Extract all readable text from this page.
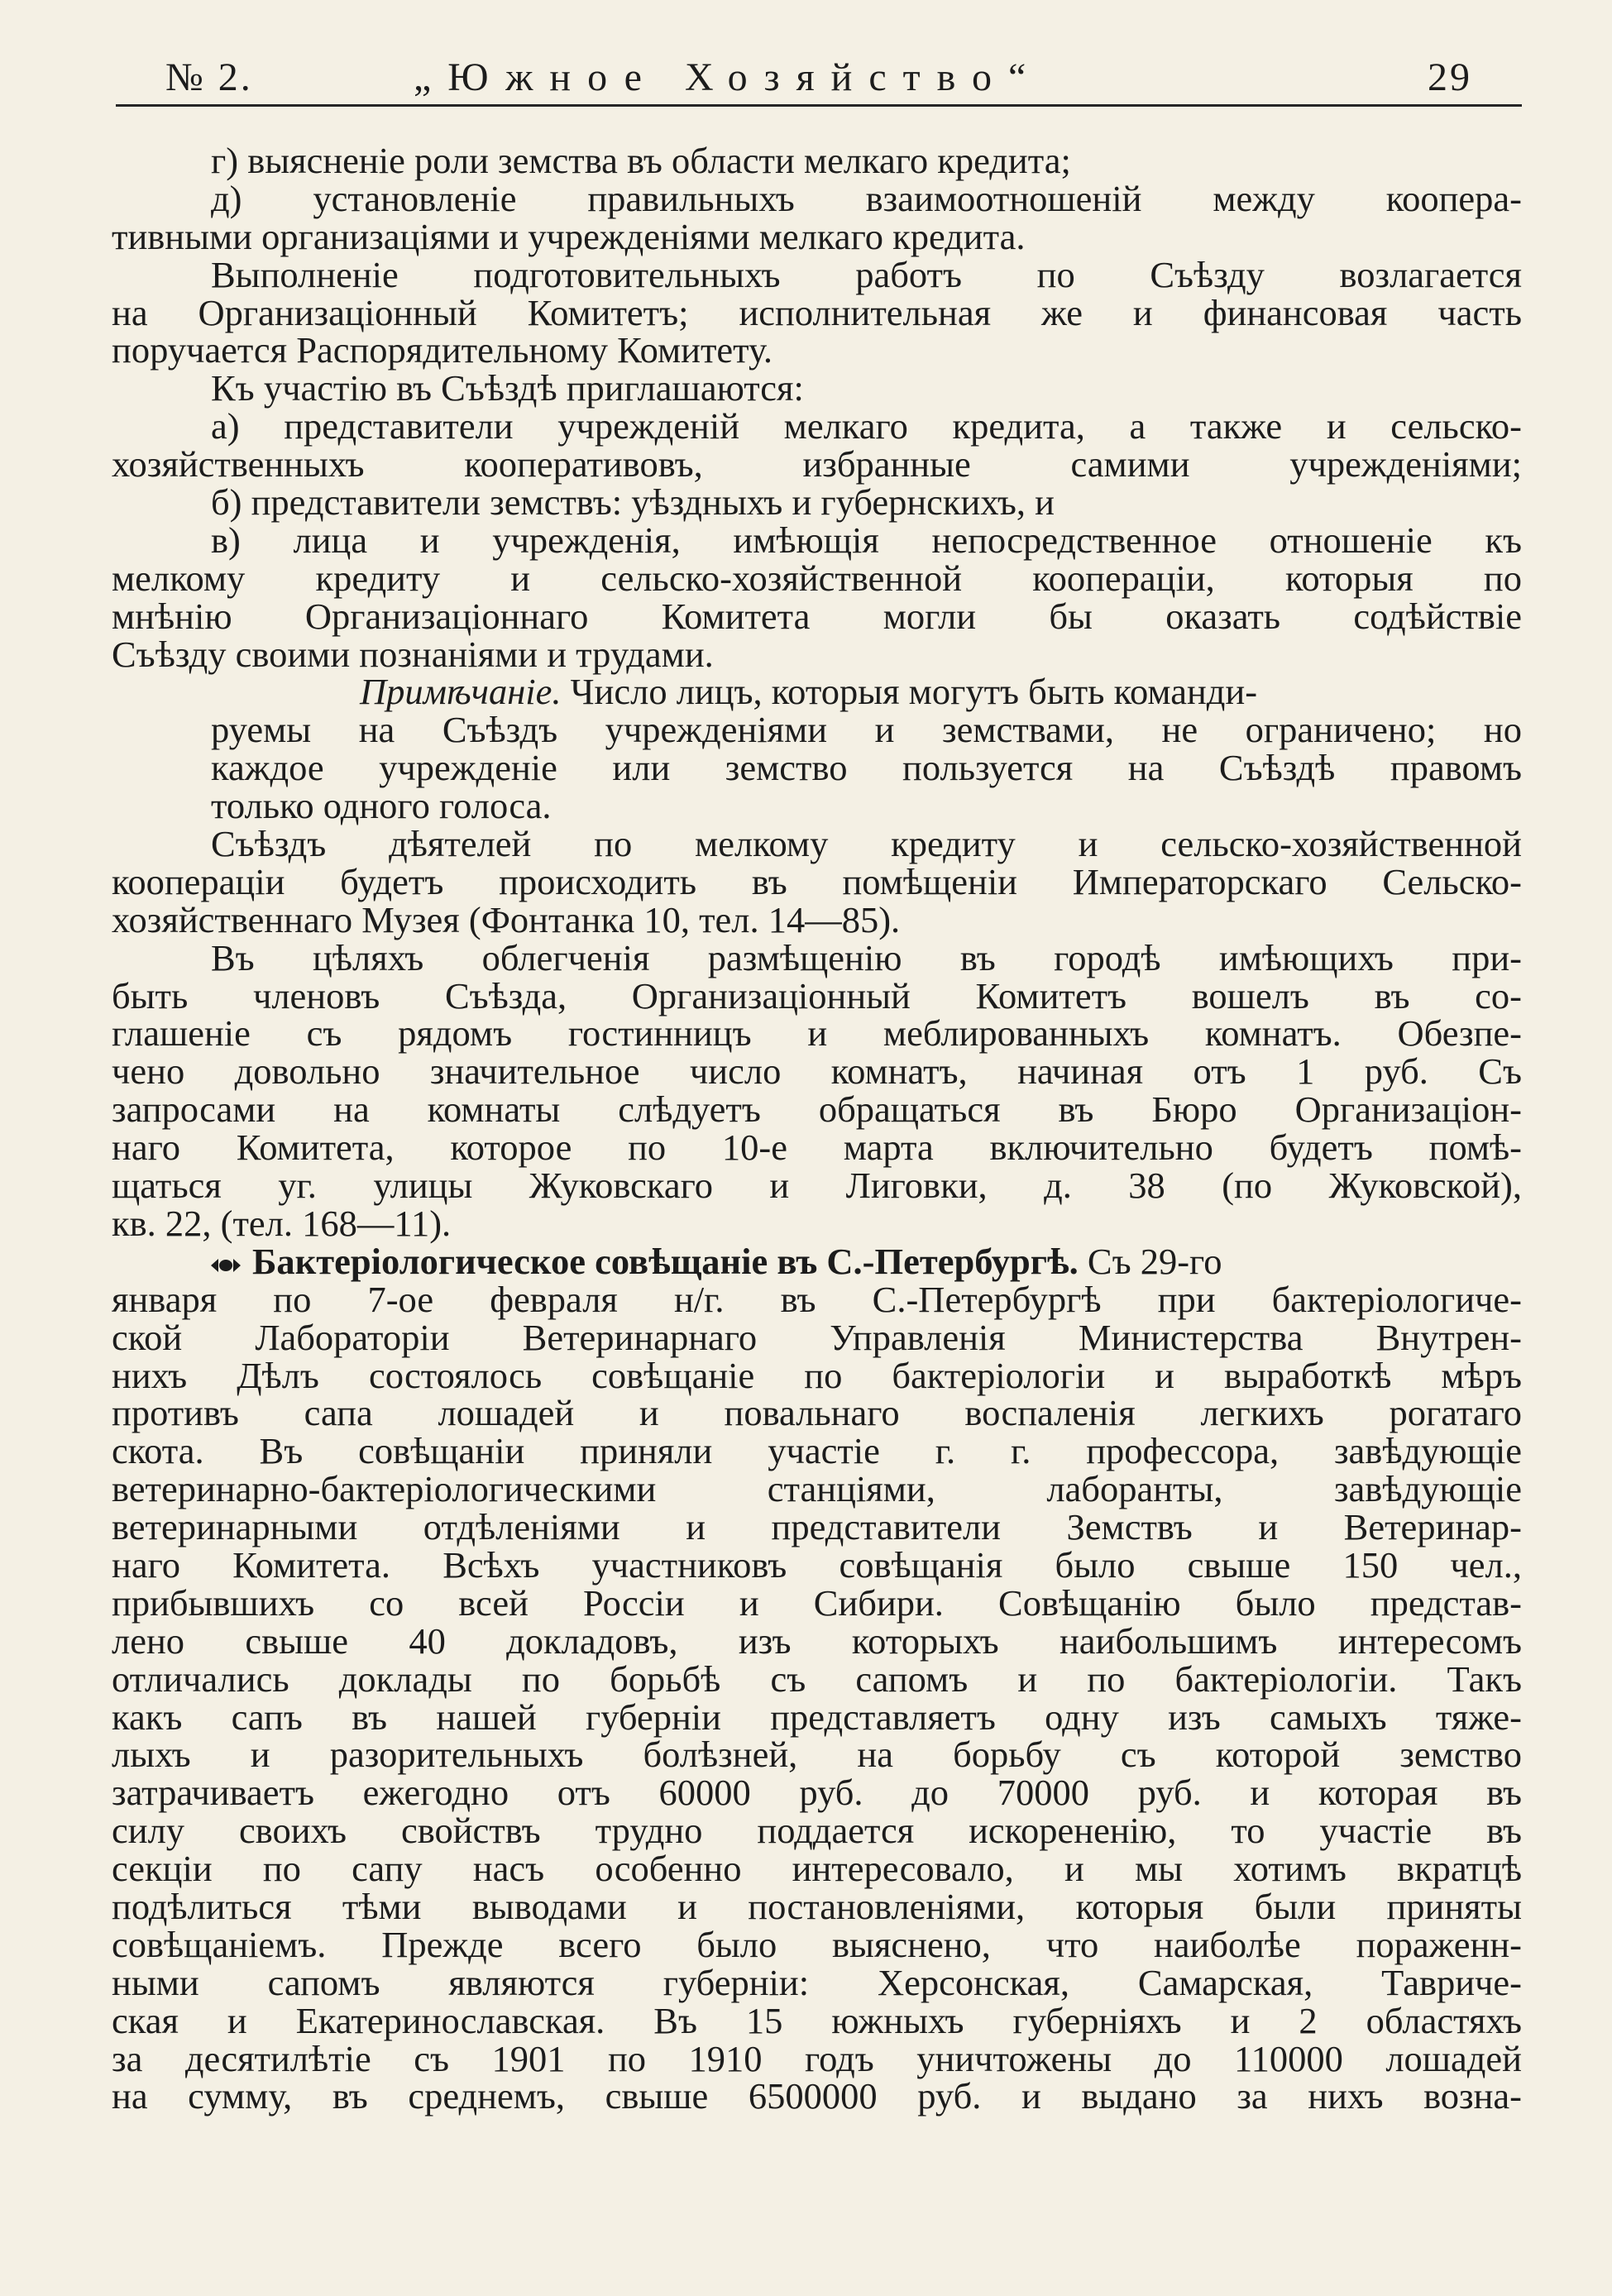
№ 2.	„Южное Хозяйство“	29
г) выясненіе роли земства въ области мелкаго кредита;
д) установленіе правильныхъ взаимоотношеній между коопера-
тивными организаціями и учрежденіями мелкаго кредита.
Выполненіе подготовительныхъ работъ по Съѣзду возлагается
на Организаціонный Комитетъ; исполнительная же и финансовая часть
поручается Распорядительному Комитету.
Къ участію въ Съѣздѣ приглашаются:
а) представители учрежденій мелкаго кредита, а также и сельско-
хозяйственныхъ кооперативовъ, избранные самими учрежденіями;
б) представители земствъ: уѣздныхъ и губернскихъ, и
в) лица и учрежденія, имѣющія непосредственное отношеніе къ
мелкому кредиту и сельско-хозяйственной коопераціи, которыя по
мнѣнію Организаціоннаго Комитета могли бы оказать содѣйствіе
Съѣзду своими познаніями и трудами.
Примѣчаніе. Число лицъ, которыя могутъ быть команди-
руемы на Съѣздъ учрежденіями и земствами, не ограничено; но
каждое учрежденіе или земство пользуется на Съѣздѣ правомъ
только одного голоса.
Съѣздъ дѣятелей по мелкому кредиту и сельско-хозяйственной
коопераціи будетъ происходить въ помѣщеніи Императорскаго Сельско-
хозяйственнаго Музея (Фонтанка 10, тел. 14—85).
Въ цѣляхъ облегченія размѣщенію въ городѣ имѣющихъ при-
быть членовъ Съѣзда, Организаціонный Комитетъ вошелъ въ со-
глашеніе съ рядомъ гостинницъ и меблированныхъ комнатъ. Обезпе-
чено довольно значительное число комнатъ, начиная отъ 1 руб. Съ
запросами на комнаты слѣдуетъ обращаться въ Бюро Организаціон-
наго Комитета, которое по 10-е марта включительно будетъ помѣ-
щаться уг. улицы Жуковскаго и Лиговки, д. 38 (по Жуковской),
кв. 22, (тел. 168—11).
Бактеріологическое совѣщаніе въ С.-Петербургѣ. Съ 29-го
января по 7-ое февраля н/г. въ С.-Петербургѣ при бактеріологиче-
ской Лабораторіи Ветеринарнаго Управленія Министерства Внутрен-
нихъ Дѣлъ состоялось совѣщаніе по бактеріологіи и выработкѣ мѣръ
противъ сапа лошадей и повальнаго воспаленія легкихъ рогатаго
скота. Въ совѣщаніи приняли участіе г. г. профессора, завѣдующіе
ветеринарно-бактеріологическими станціями, лаборанты, завѣдующіе
ветеринарными отдѣленіями и представители Земствъ и Ветеринар-
наго Комитета. Всѣхъ участниковъ совѣщанія было свыше 150 чел.,
прибывшихъ со всей Россіи и Сибири. Совѣщанію было представ-
лено свыше 40 докладовъ, изъ которыхъ наибольшимъ интересомъ
отличались доклады по борьбѣ съ сапомъ и по бактеріологіи. Такъ
какъ сапъ въ нашей губерніи представляетъ одну изъ самыхъ тяже-
лыхъ и разорительныхъ болѣзней, на борьбу съ которой земство
затрачиваетъ ежегодно отъ 60000 руб. до 70000 руб. и которая въ
силу своихъ свойствъ трудно поддается искорененію, то участіе въ
секціи по сапу насъ особенно интересовало, и мы хотимъ вкратцѣ
подѣлиться тѣми выводами и постановленіями, которыя были приняты
совѣщаніемъ. Прежде всего было выяснено, что наиболѣе пораженн-
ными сапомъ являются губерніи: Херсонская, Самарская, Тавриче-
ская и Екатеринославская. Въ 15 южныхъ губерніяхъ и 2 областяхъ
за десятилѣтіе съ 1901 по 1910 годъ уничтожены до 110000 лошадей
на сумму, въ среднемъ, свыше 6500000 руб. и выдано за нихъ возна-
